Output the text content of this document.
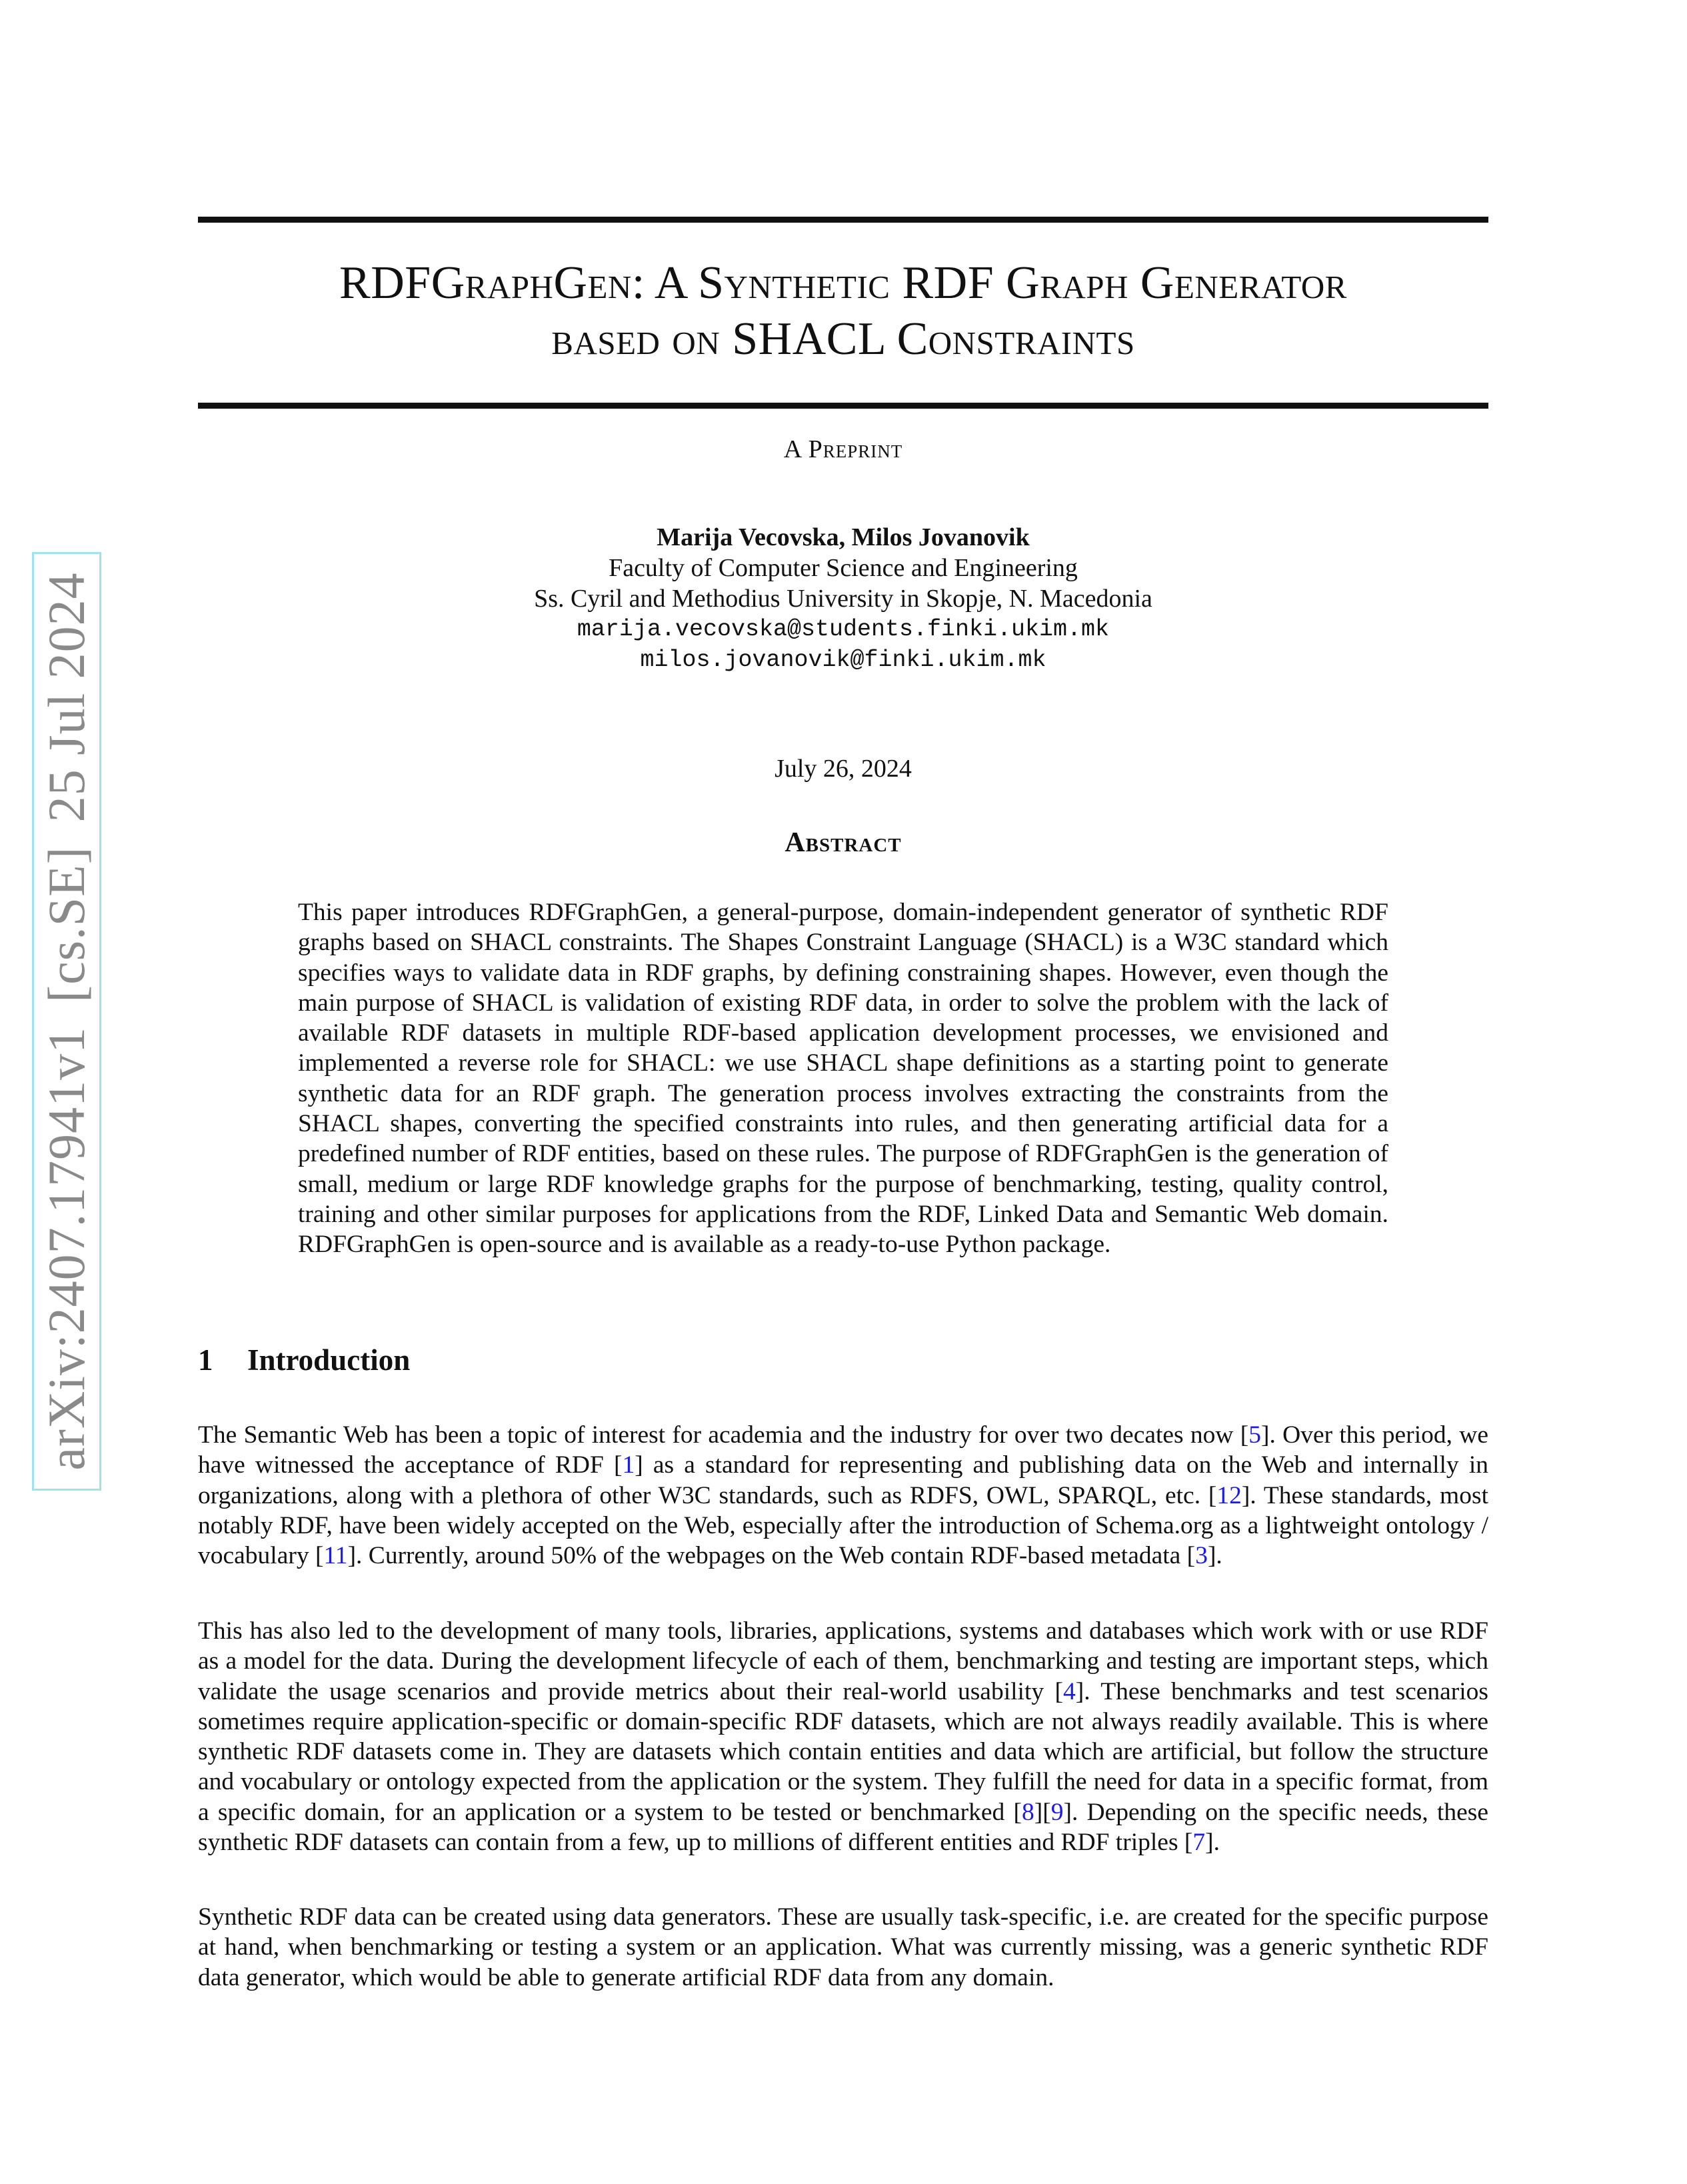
arXiv:2407.17941v1[cs.SE]25 Jul 2024
RDFGraphGen: A Synthetic RDF Graph Generator
based on SHACL Constraints
A Preprint
Marija Vecovska, Milos Jovanovik
Faculty of Computer Science and Engineering
Ss. Cyril and Methodius University in Skopje, N. Macedonia
marija.vecovska@students.finki.ukim.mk
milos.jovanovik@finki.ukim.mk
July 26, 2024
Abstract
This paper introduces RDFGraphGen, a general-purpose, domain-independent generator of synthetic RDF graphs based on SHACL constraints. The Shapes Constraint Language (SHACL) is a W3C standard which specifies ways to validate data in RDF graphs, by defining constraining shapes. However, even though the main purpose of SHACL is validation of existing RDF data, in order to solve the problem with the lack of available RDF datasets in multiple RDF-based application development processes, we envisioned and implemented a reverse role for SHACL: we use SHACL shape definitions as a starting point to generate synthetic data for an RDF graph. The generation process involves extracting the constraints from the SHACL shapes, converting the specified constraints into rules, and then generating artificial data for a predefined number of RDF entities, based on these rules. The purpose of RDFGraphGen is the generation of small, medium or large RDF knowledge graphs for the purpose of benchmarking, testing, quality control, training and other similar purposes for applications from the RDF, Linked Data and Semantic Web domain. RDFGraphGen is open-source and is available as a ready-to-use Python package.
1 Introduction

The Semantic Web has been a topic of interest for academia and the industry for over two decates now [5]. Over this period, we have witnessed the acceptance of RDF [1] as a standard for representing and publishing data on the Web and internally in organizations, along with a plethora of other W3C standards, such as RDFS, OWL, SPARQL, etc. [12]. These standards, most notably RDF, have been widely accepted on the Web, especially after the introduction of Schema.org as a lightweight ontology / vocabulary [11]. Currently, around 50% of the webpages on the Web contain RDF-based metadata [3].

This has also led to the development of many tools, libraries, applications, systems and databases which work with or use RDF as a model for the data. During the development lifecycle of each of them, benchmarking and testing are important steps, which validate the usage scenarios and provide metrics about their real-world usability [4]. These benchmarks and test scenarios sometimes require application-specific or domain-specific RDF datasets, which are not always readily available. This is where synthetic RDF datasets come in. They are datasets which contain entities and data which are artificial, but follow the structure and vocabulary or ontology expected from the application or the system. They fulfill the need for data in a specific format, from a specific domain, for an application or a system to be tested or benchmarked [8][9]. Depending on the specific needs, these synthetic RDF datasets can contain from a few, up to millions of different entities and RDF triples [7].

Synthetic RDF data can be created using data generators. These are usually task-specific, i.e. are created for the specific purpose at hand, when benchmarking or testing a system or an application. What was currently missing, was a generic synthetic RDF data generator, which would be able to generate artificial RDF data from any domain.
